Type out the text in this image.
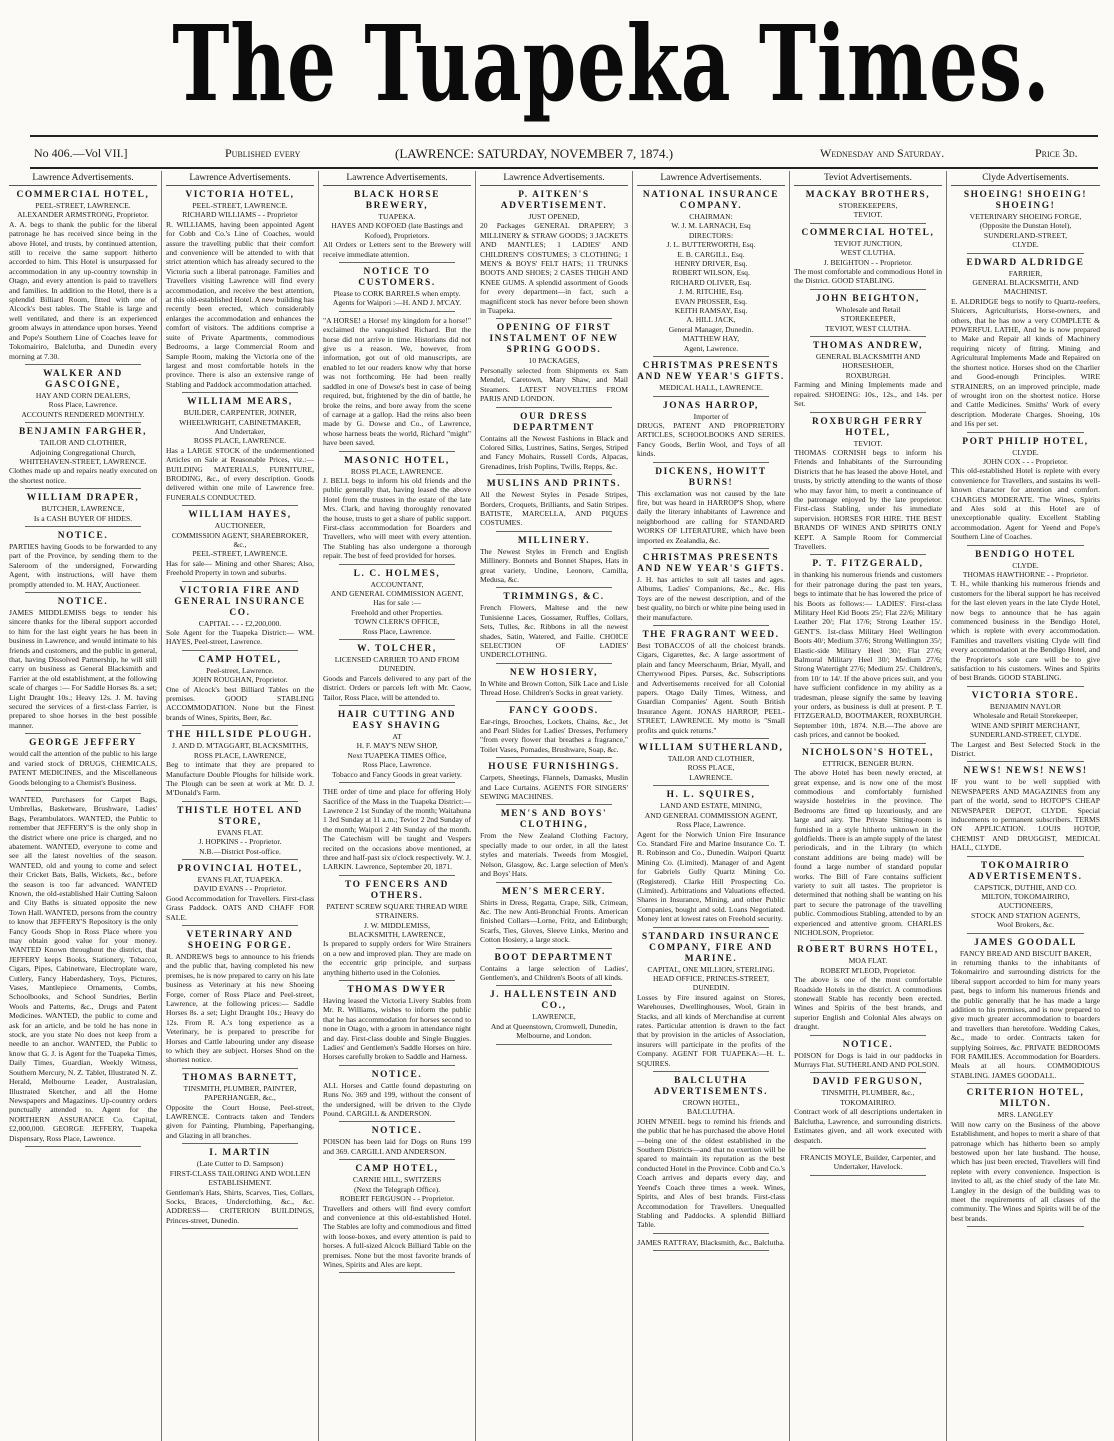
The Tuapeka Times.
No 406.—Vol VII.]	Published every	(LAWRENCE: SATURDAY, NOVEMBER 7, 1874.)	Wednesday and Saturday.	Price 3d.
Lawrence Advertisements.
COMMERCIAL HOTEL,
PEEL-STREET, LAWRENCE.
ALEXANDER ARMSTRONG, Proprietor.

A. A. begs to thank the public for the liberal patronage he has received since being in the above Hotel, and trusts, by continued attention, still to receive the same support hitherto accorded to him. This Hotel is unsurpassed for accommodation in any up-country township in Otago, and every attention is paid to travellers and families. In addition to the Hotel, there is a splendid Billiard Room, fitted with one of Alcock's best tables. The Stable is large and well ventilated, and there is an experienced groom always in attendance upon horses. Yeend and Pope's Southern Line of Coaches leave for Tokomairiro, Balclutha, and Dunedin every morning at 7.30.

WALKER AND GASCOIGNE,
HAY AND CORN DEALERS,
Ross Place, Lawrence.
ACCOUNTS RENDERED MONTHLY.
BENJAMIN FARGHER,
TAILOR AND CLOTHIER,
Adjoining Congregational Church,
WHITEHAVEN-STREET, LAWRENCE.

Clothes made up and repairs neatly executed on the shortest notice.

WILLIAM DRAPER,
BUTCHER, LAWRENCE,
Is a CASH BUYER OF HIDES.
NOTICE.

PARTIES having Goods to be forwarded to any part of the Province, by sending them to the Saleroom of the undersigned, Forwarding Agent, with instructions, will have them promptly attended to. M. HAY, Auctioneer.

NOTICE.

JAMES MIDDLEMISS begs to tender his sincere thanks for the liberal support accorded to him for the last eight years he has been in business in Lawrence, and would intimate to his friends and customers, and the public in general, that, having Dissolved Partnership, he will still carry on business as General Blacksmith and Farrier at the old establishment, at the following scale of charges :— For Saddle Horses 8s. a set; Light Draught 10s.; Heavy 12s. J. M. having secured the services of a first-class Farrier, is prepared to shoe horses in the best possible manner.

GEORGE JEFFERY

would call the attention of the public to his large and varied stock of DRUGS, CHEMICALS, PATENT MEDICINES, and the Miscellaneous Goods belonging to a Chemist's Business.

WANTED, Purchasers for Carpet Bags, Umbrellas, Basketware, Brushware, Ladies' Bags, Perambulators. WANTED, the Public to remember that JEFFERY'S is the only shop in the district where one price is charged, and no abatement. WANTED, everyone to come and see all the latest novelties of the season. WANTED, old and young to come and select their Cricket Bats, Balls, Wickets, &c., before the season is too far advanced. WANTED Known, the old-established Hair Cutting Saloon and City Baths is situated opposite the new Town Hall. WANTED, persons from the country to know that JEFFERY'S Repository is the only Fancy Goods Shop in Ross Place where you may obtain good value for your money. WANTED Known throughout the district, that JEFFERY keeps Books, Stationery, Tobacco, Cigars, Pipes, Cabinetware, Electroplate ware, Cutlery, Fancy Haberdashery, Toys, Pictures, Vases, Mantlepiece Ornaments, Combs, Schoolbooks, and School Sundries, Berlin Wools and Patterns, &c., Drugs and Patent Medicines. WANTED, the public to come and ask for an article, and be told he has none in stock, are you state No does not keep from a needle to an anchor. WANTED, the Public to know that G. J. is Agent for the Tuapeka Times, Daily Times, Guardian, Weekly Witness, Southern Mercury, N. Z. Tablet, Illustrated N. Z. Herald, Melbourne Leader, Australasian, Illustrated Sketcher, and all the Home Newspapers and Magazines. Up-country orders punctually attended to. Agent for the NORTHERN ASSURANCE Co. Capital, £2,000,000. GEORGE JEFFERY, Tuapeka Dispensary, Ross Place, Lawrence.

Lawrence Advertisements.
VICTORIA HOTEL,
PEEL-STREET, LAWRENCE.
RICHARD WILLIAMS - - Proprietor

R. WILLIAMS, having been appointed Agent for Cobb and Co.'s Line of Coaches, would assure the travelling public that their comfort and convenience will be attended to with that strict attention which has already secured to the Victoria such a liberal patronage. Families and Travellers visiting Lawrence will find every accommodation, and receive the best attention, at this old-established Hotel. A new building has recently been erected, which considerably enlarges the accommodation and enhances the comfort of visitors. The additions comprise a suite of Private Apartments, commodious Bedrooms, a large Commercial Room and Sample Room, making the Victoria one of the largest and most comfortable hotels in the province. There is also an extensive range of Stabling and Paddock accommodation attached.

WILLIAM MEARS,
BUILDER, CARPENTER, JOINER,
WHEELWRIGHT, CABINETMAKER,
And Undertaker,
ROSS PLACE, LAWRENCE.

Has a LARGE STOCK of the undermentioned Articles on Sale at Reasonable Prices, viz.:— BUILDING MATERIALS, FURNITURE, BRODING, &c., of every description. Goods delivered within one mile of Lawrence free. FUNERALS CONDUCTED.

WILLIAM HAYES,
AUCTIONEER,
COMMISSION AGENT, SHAREBROKER,
&c.,
PEEL-STREET, LAWRENCE.

Has for sale— Mining and other Shares; Also, Freehold Property in town and suburbs.

VICTORIA FIRE AND GENERAL INSURANCE CO.
CAPITAL - - - £2,200,000.

Sole Agent for the Tuapeka District:— WM. HAYES, Peel-street, Lawrence.

CAMP HOTEL,
Peel-street, Lawrence.
JOHN ROUGHAN, Proprietor.

One of Alcock's best Billiard Tables on the premises. GOOD STABLING ACCOMMODATION. None but the Finest brands of Wines, Spirits, Beer, &c.

THE HILLSIDE PLOUGH.
J. AND D. M'TAGGART, BLACKSMITHS,
ROSS PLACE, LAWRENCE,

Beg to intimate that they are prepared to Manufacture Double Ploughs for hillside work. The Plough can be seen at work at Mr. D. J. M'Donald's Farm.

THISTLE HOTEL AND STORE,
EVANS FLAT.
J. HOPKINS - - Proprietor.
N.B.—District Post-office.
PROVINCIAL HOTEL,
EVANS FLAT, TUAPEKA.
DAVID EVANS - - Proprietor.

Good Accommodation for Travellers. First-class Grass Paddock. OATS AND CHAFF FOR SALE.

VETERINARY AND SHOEING FORGE.

R. ANDREWS begs to announce to his friends and the public that, having completed his new premises, he is now prepared to carry on his late business as Veterinary at his new Shoeing Forge, corner of Ross Place and Peel-street, Lawrence, at the following prices:— Saddle Horses 8s. a set; Light Draught 10s.; Heavy do 12s. From R. A.'s long experience as a Veterinary, he is prepared to prescribe for Horses and Cattle labouring under any disease to which they are subject. Horses Shod on the shortest notice.

THOMAS BARNETT,
TINSMITH, PLUMBER, PAINTER, PAPERHANGER, &c.,

Opposite the Court House, Peel-street, LAWRENCE. Contracts taken and Tenders given for Painting, Plumbing, Paperhanging, and Glazing in all branches.

I. MARTIN
(Late Cutter to D. Sampson)
FIRST-CLASS TAILORING AND WOLLEN ESTABLISHMENT.

Gentleman's Hats, Shirts, Scarves, Ties, Collars, Socks, Braces, Underclothing, &c., &c. ADDRESS— CRITERION BUILDINGS, Princes-street, Dunedin.

Lawrence Advertisements.
BLACK HORSE BREWERY,
TUAPEKA.
HAYES AND KOFOED (late Bastings and Kofoed), Proprietors.

All Orders or Letters sent to the Brewery will receive immediate attention.

NOTICE TO CUSTOMERS.
Please to CORK BARRELS when empty.
Agents for Waipori :—H. AND J. M'CAY.

"A HORSE! a Horse! my kingdom for a horse!" exclaimed the vanquished Richard. But the horse did not arrive in time. Historians did not give us a reason. We, however, from information, got out of old manuscripts, are enabled to let our readers know why that horse was not forthcoming. He had been really saddled in one of Dowse's best in case of being required, but, frightened by the din of battle, he broke the reins, and bore away from the scene of carnage at a gallop. Had the reins also been made by G. Dowse and Co., of Lawrence, whose harness beats the world, Richard "might" have been saved.

MASONIC HOTEL,
ROSS PLACE, LAWRENCE.

J. BELL begs to inform his old friends and the public generally that, having leased the above Hotel from the trustees in the estate of the late Mrs. Clark, and having thoroughly renovated the house, trusts to get a share of public support. First-class accommodation for Boarders and Travellers, who will meet with every attention. The Stabling has also undergone a thorough repair. The best of feed provided for horses.

L. C. HOLMES,
ACCOUNTANT,
AND GENERAL COMMISSION AGENT,
Has for sale :—
Freehold and other Properties.
TOWN CLERK'S OFFICE,
Ross Place, Lawrence.
W. TOLCHER,
LICENSED CARRIER TO AND FROM DUNEDIN.

Goods and Parcels delivered to any part of the district. Orders or parcels left with Mr. Caow, Tailor, Ross Place, will be attended to.

HAIR CUTTING AND EASY SHAVING
AT
H. F. MAY'S NEW SHOP,
Next TUAPEKA TIMES Office,
Ross Place, Lawrence.
Tobacco and Fancy Goods in great variety.

THE order of time and place for offering Holy Sacrifice of the Mass in the Tuapeka District:— Lawrence 2 1st Sunday of the month; Waitahuna 1 3rd Sunday at 11 a.m.; Teviot 2 2nd Sunday of the month; Waipori 2 4th Sunday of the month. The Catechism will be taught and Vespers recited on the occasions above mentioned, at three and half-past six o'clock respectively. W. J. LARKIN. Lawrence, September 20, 1871.

TO FENCERS AND OTHERS.
PATENT SCREW SQUARE THREAD WIRE STRAINERS.
J. W. MIDDLEMISS,
BLACKSMITH, LAWRENCE,

Is prepared to supply orders for Wire Strainers on a new and improved plan. They are made on the eccentric grip principle, and surpass anything hitherto used in the Colonies.

THOMAS DWYER

Having leased the Victoria Livery Stables from Mr. R. Williams, wishes to inform the public that he has accommodation for horses second to none in Otago, with a groom in attendance night and day. First-class double and Single Buggies. Ladies' and Gentlemen's Saddle Horses on hire. Horses carefully broken to Saddle and Harness.

NOTICE.

ALL Horses and Cattle found depasturing on Runs No. 369 and 199, without the consent of the undersigned, will be driven to the Clyde Pound. CARGILL & ANDERSON.

NOTICE.

POISON has been laid for Dogs on Runs 199 and 369. CARGILL AND ANDERSON.

CAMP HOTEL,
CARNIE HILL, SWITZERS
(Next the Telegraph Office).
ROBERT FERGUSON - - Proprietor.

Travellers and others will find every comfort and convenience at this old-established Hotel. The Stables are lofty and commodious and fitted with loose-boxes, and every attention is paid to horses. A full-sized Alcock Billiard Table on the premises. None but the most favorite brands of Wines, Spirits and Ales are kept.

Lawrence Advertisements.
P. AITKEN'S ADVERTISEMENT.
JUST OPENED,

20 Packages GENERAL DRAPERY; 3 MILLINERY & STRAW GOODS; 3 JACKETS AND MANTLES; 1 LADIES' AND CHILDREN'S COSTUMES; 3 CLOTHING; 1 MEN'S & BOYS' FELT HATS; 11 TRUNKS BOOTS AND SHOES; 2 CASES THIGH AND KNEE GUMS. A splendid assortment of Goods for every department—in fact, such a magnificent stock has never before been shown in Tuapeka.

OPENING OF FIRST INSTALMENT OF NEW SPRING GOODS.
10 PACKAGES,

Personally selected from Shipments ex Sam Mendel, Caretown, Mary Shaw, and Mail Steamers. LATEST NOVELTIES FROM PARIS AND LONDON.

OUR DRESS DEPARTMENT

Contains all the Newest Fashions in Black and Colored Silks, Lustrines, Satins, Serges, Striped and Fancy Mohairs, Russell Cords, Alpacas, Grenadines, Irish Poplins, Twills, Repps, &c.

MUSLINS AND PRINTS.

All the Newest Styles in Pesade Stripes, Borders, Croquets, Brilliants, and Satin Stripes. BATISTE, MARCELLA, AND PIQUES COSTUMES.

MILLINERY.

The Newest Styles in French and English Millinery. Bonnets and Bonnet Shapes, Hats in great variety, Undine, Leonore, Camilla, Medusa, &c.

TRIMMINGS, &C.

French Flowers, Maltese and the new Tunisienne Laces, Gossamer, Ruffles, Collars, Sets, Tulles, &c. Ribbons in all the newest shades, Satin, Watered, and Faille. CHOICE SELECTION OF LADIES' UNDERCLOTHING.

NEW HOSIERY,

In White and Brown Cotton, Silk Lace and Lisle Thread Hose. Children's Socks in great variety.

FANCY GOODS.

Ear-rings, Brooches, Lockets, Chains, &c., Jet and Pearl Slides for Ladies' Dresses, Perfumery "from every flower that breathes a fragrance," Toilet Vases, Pomades, Brushware, Soap, &c.

HOUSE FURNISHINGS.

Carpets, Sheetings, Flannels, Damasks, Muslin and Lace Curtains. AGENTS FOR SINGERS' SEWING MACHINES.

MEN'S AND BOYS' CLOTHING,

From the New Zealand Clothing Factory, specially made to our order, in all the latest styles and materials. Tweeds from Mosgiel, Nelson, Glasgow, &c. Large selection of Men's and Boys' Hats.

MEN'S MERCERY.

Shirts in Dress, Regatta, Crape, Silk, Crimean, &c. The new Anti-Bronchial Fronts. American finished Collars—Lorne, Fritz, and Edinburgh; Scarfs, Ties, Gloves, Sleeve Links, Merino and Cotton Hosiery, a large stock.

BOOT DEPARTMENT

Contains a large selection of Ladies', Gentlemen's, and Children's Boots of all kinds.

J. HALLENSTEIN AND CO.,
LAWRENCE,
And at Queenstown, Cromwell, Dunedin, Melbourne, and London.
Lawrence Advertisements.
NATIONAL INSURANCE COMPANY.
CHAIRMAN:
W. J. M. LARNACH, Esq
DIRECTORS:
J. L. BUTTERWORTH, Esq.
E. B. CARGILL, Esq.
HENRY DRIVER, Esq.
ROBERT WILSON, Esq.
RICHARD OLIVER, Esq.
J. M. RITCHIE, Esq.
EVAN PROSSER, Esq.
KEITH RAMSAY, Esq.
A. HILL JACK,
General Manager, Dunedin.
MATTHEW HAY,
Agent, Lawrence.
CHRISTMAS PRESENTS AND NEW YEAR'S GIFTS.
MEDICAL HALL, LAWRENCE.
JONAS HARROP,
Importer of

DRUGS, PATENT AND PROPRIETORY ARTICLES, SCHOOLBOOKS AND SERIES. Fancy Goods, Berlin Wool, and Toys of all kinds.

DICKENS, HOWITT BURNS!

This exclamation was not caused by the late fire, but was heard in HARROP'S Shop, where daily the literary inhabitants of Lawrence and neighborhood are calling for STANDARD WORKS OF LITERATURE, which have been imported ex Zealandia, &c.

CHRISTMAS PRESENTS AND NEW YEAR'S GIFTS.

J. H. has articles to suit all tastes and ages. Albums, Ladies' Companions, &c., &c. His Toys are of the newest description, and of the best quality, no birch or white pine being used in their manufacture.

THE FRAGRANT WEED.

Best TOBACCOS of all the choicest brands. Cigars, Cigarettes, &c. A large assortment of plain and fancy Meerschaum, Briar, Myall, and Cherrywood Pipes. Purses, &c. Subscriptions and Advertisements received for all Colonial papers. Otago Daily Times, Witness, and Guardian Companies' Agent. South British Insurance Agent. JONAS HARROP, PEEL-STREET, LAWRENCE. My motto is "Small profits and quick returns."

WILLIAM SUTHERLAND,
TAILOR AND CLOTHIER,
ROSS PLACE,
LAWRENCE.
H. L. SQUIRES,
LAND AND ESTATE, MINING,
AND GENERAL COMMISSION AGENT,
Ross Place, Lawrence.

Agent for the Norwich Union Fire Insurance Co. Standard Fire and Marine Insurance Co. T. R. Robinson and Co., Dunedin. Waipori Quartz Mining Co. (Limited). Manager of and Agent for Gabriels Gully Quartz Mining Co. (Registered). Clarke Hill Prospecting Co. (Limited). Arbitrations and Valuations effected. Shares in Insurance, Mining, and other Public Companies, bought and sold. Loans Negotiated. Money lent at lowest rates on Freehold security.

STANDARD INSURANCE COMPANY, FIRE AND MARINE.
CAPITAL, ONE MILLION, STERLING.
HEAD OFFICE, PRINCES-STREET, DUNEDIN.

Losses by Fire insured against on Stores, Warehouses, Dwellinghouses, Wool, Grain in Stacks, and all kinds of Merchandise at current rates. Particular attention is drawn to the fact that by provision in the articles of Association, insurers will participate in the profits of the Company. AGENT FOR TUAPEKA:—H. L. SQUIRES.

BALCLUTHA ADVERTISEMENTS.
CROWN HOTEL,
BALCLUTHA.

JOHN M'NEIL begs to remind his friends and the public that he has purchased the above Hotel—being one of the oldest established in the Southern Districts—and that no exertion will be spared to maintain its reputation as the best conducted Hotel in the Province. Cobb and Co.'s Coach arrives and departs every day, and Yeend's Coach three times a week. Wines, Spirits, and Ales of best brands. First-class Accommodation for Travellers. Unequalled Stabling and Paddocks. A splendid Billiard Table.

JAMES RATTRAY, Blacksmith, &c., Balclutha.
Teviot Advertisements.
MACKAY BROTHERS,
STOREKEEPERS,
TEVIOT.
COMMERCIAL HOTEL,
TEVIOT JUNCTION,
WEST CLUTHA.
J. BEIGHTON - - Proprietor.

The most comfortable and commodious Hotel in the District. GOOD STABLING.

JOHN BEIGHTON,
Wholesale and Retail
STOREKEEPER,
TEVIOT, WEST CLUTHA.
THOMAS ANDREW,
GENERAL BLACKSMITH AND HORSESHOER,
ROXBURGH.

Farming and Mining Implements made and repaired. SHOEING: 10s., 12s., and 14s. per Set.

ROXBURGH FERRY HOTEL,
TEVIOT.

THOMAS CORNISH begs to inform his Friends and Inhabitants of the Surrounding Districts that he has leased the above Hotel, and trusts, by strictly attending to the wants of those who may favor him, to merit a continuance of the patronage enjoyed by the late proprietor. First-class Stabling, under his immediate supervision. HORSES FOR HIRE. THE BEST BRANDS OF WINES AND SPIRITS ONLY KEPT. A Sample Room for Commercial Travellers.

P. T. FITZGERALD,

in thanking his numerous friends and customers for their patronage during the past ten years, begs to intimate that he has lowered the price of his Boots as follows:— LADIES'. First-class Military Heel Kid Boots 25/; Flat 22/6; Military Leather 20/; Flat 17/6; Strong Leather 15/. GENT'S. 1st-class Military Heel Wellington Boots 40/; Medium 37/6; Strong Wellington 35/; Elastic-side Military Heel 30/; Flat 27/6; Balmoral Military Heel 30/; Medium 27/6; Strong Watertight 27/6; Medium 25/. Children's, from 10/ to 14/. If the above prices suit, and you have sufficient confidence in my ability as a tradesman, please signify the same by leaving your orders, as business is dull at present. P. T. FITZGERALD, BOOTMAKER, ROXBURGH. September 10th, 1874. N.B.—The above are cash prices, and cannot be booked.

NICHOLSON'S HOTEL,
ETTRICK, BENGER BURN.

The above Hotel has been newly erected, at great expense, and is now one of the most commodious and comfortably furnished wayside hostelries in the province. The Bedrooms are fitted up luxuriously, and are large and airy. The Private Sitting-room is furnished in a style hitherto unknown in the goldfields. There is an ample supply of the latest periodicals, and in the Library (to which constant additions are being made) will be found a large number of standard popular works. The Bill of Fare contains sufficient variety to suit all tastes. The proprietor is determined that nothing shall be wanting on his part to secure the patronage of the travelling public. Commodious Stabling, attended to by an experienced and attentive groom. CHARLES NICHOLSON, Proprietor.

ROBERT BURNS HOTEL,
MOA FLAT.
ROBERT M'LEOD, Proprietor.

The above is one of the most comfortable Roadside Hotels in the district. A commodious stonewall Stable has recently been erected. Wines and Spirits of the best brands, and superior English and Colonial Ales always on draught.

NOTICE.

POISON for Dogs is laid in our paddocks in Murrays Flat. SUTHERLAND AND POLSON.

DAVID FERGUSON,
TINSMITH, PLUMBER, &c.,
TOKOMAIRIRO.

Contract work of all descriptions undertaken in Balclutha, Lawrence, and surrounding districts. Estimates given, and all work executed with despatch.

FRANCIS MOYLE, Builder, Carpenter, and Undertaker, Havelock.
Clyde Advertisements.
SHOEING! SHOEING! SHOEING!
VETERINARY SHOEING FORGE,
(Opposite the Dunstan Hotel),
SUNDERLAND-STREET,
CLYDE.
EDWARD ALDRIDGE
FARRIER,
GENERAL BLACKSMITH, AND MACHINIST.

E. ALDRIDGE begs to notify to Quartz-reefers, Sluicers, Agriculturists, Horse-owners, and others, that he has now a very COMPLETE & POWERFUL LATHE, And he is now prepared to Make and Repair all kinds of Machinery requiring nicety of fitting. Mining and Agricultural Implements Made and Repaired on the shortest notice. Horses shod on the Charlier and Good-enough Principles. WIRE STRAINERS, on an improved principle, made of wrought iron on the shortest notice. Horse and Cattle Medicines. Smiths' Work of every description. Moderate Charges. Shoeing, 10s and 16s per set.

PORT PHILIP HOTEL,
CLYDE.
JOHN COX - - - Proprietor.

This old-established Hotel is replete with every convenience for Travellers, and sustains its well-known character for attention and comfort. CHARGES MODERATE. The Wines, Spirits and Ales sold at this Hotel are of unexceptionable quality. Excellent Stabling accommodation. Agent for Yeend and Pope's Southern Line of Coaches.

BENDIGO HOTEL
CLYDE.
THOMAS HAWTHORNE - - Proprietor.

T. H., while thanking his numerous friends and customers for the liberal support he has received for the last eleven years in the late Clyde Hotel, now begs to announce that he has again commenced business in the Bendigo Hotel, which is replete with every accommodation. Families and travellers visiting Clyde will find every accommodation at the Bendigo Hotel, and the Proprietor's sole care will be to give satisfaction to his customers. Wines and Spirits of best Brands. GOOD STABLING.

VICTORIA STORE.
BENJAMIN NAYLOR
Wholesale and Retail Storekeeper,
WINE AND SPIRIT MERCHANT,
SUNDERLAND-STREET, CLYDE.

The Largest and Best Selected Stock in the District.

NEWS! NEWS! NEWS!

IF you want to be well supplied with NEWSPAPERS AND MAGAZINES from any part of the world, send to HOTOP'S CHEAP NEWSPAPER DEPOT, CLYDE. Special inducements to permanent subscribers. TERMS ON APPLICATION. LOUIS HOTOP, CHEMIST AND DRUGGIST, MEDICAL HALL, CLYDE.

TOKOMAIRIRO ADVERTISEMENTS.
CAPSTICK, DUTHIE, AND CO.
MILTON, TOKOMAIRIRO,
AUCTIONEERS,
STOCK AND STATION AGENTS,
Wool Brokers, &c.
JAMES GOODALL
FANCY BREAD AND BISCUIT BAKER,

in returning thanks to the inhabitants of Tokomairiro and surrounding districts for the liberal support accorded to him for many years past, begs to inform his numerous friends and the public generally that he has made a large addition to his premises, and is now prepared to give much greater accommodation to boarders and travellers than heretofore. Wedding Cakes, &c., made to order. Contracts taken for supplying Soirees, &c. PRIVATE BEDROOMS FOR FAMILIES. Accommodation for Boarders. Meals at all hours. COMMODIOUS STABLING. JAMES GOODALL.

CRITERION HOTEL, MILTON.
MRS. LANGLEY

Will now carry on the Business of the above Establishment, and hopes to merit a share of that patronage which has hitherto been so amply bestowed upon her late husband. The house, which has just been erected, Travellers will find replete with every convenience. Inspection is invited to all, as the chief study of the late Mr. Langley in the design of the building was to meet the requirements of all classes of the community. The Wines and Spirits will be of the best brands.
